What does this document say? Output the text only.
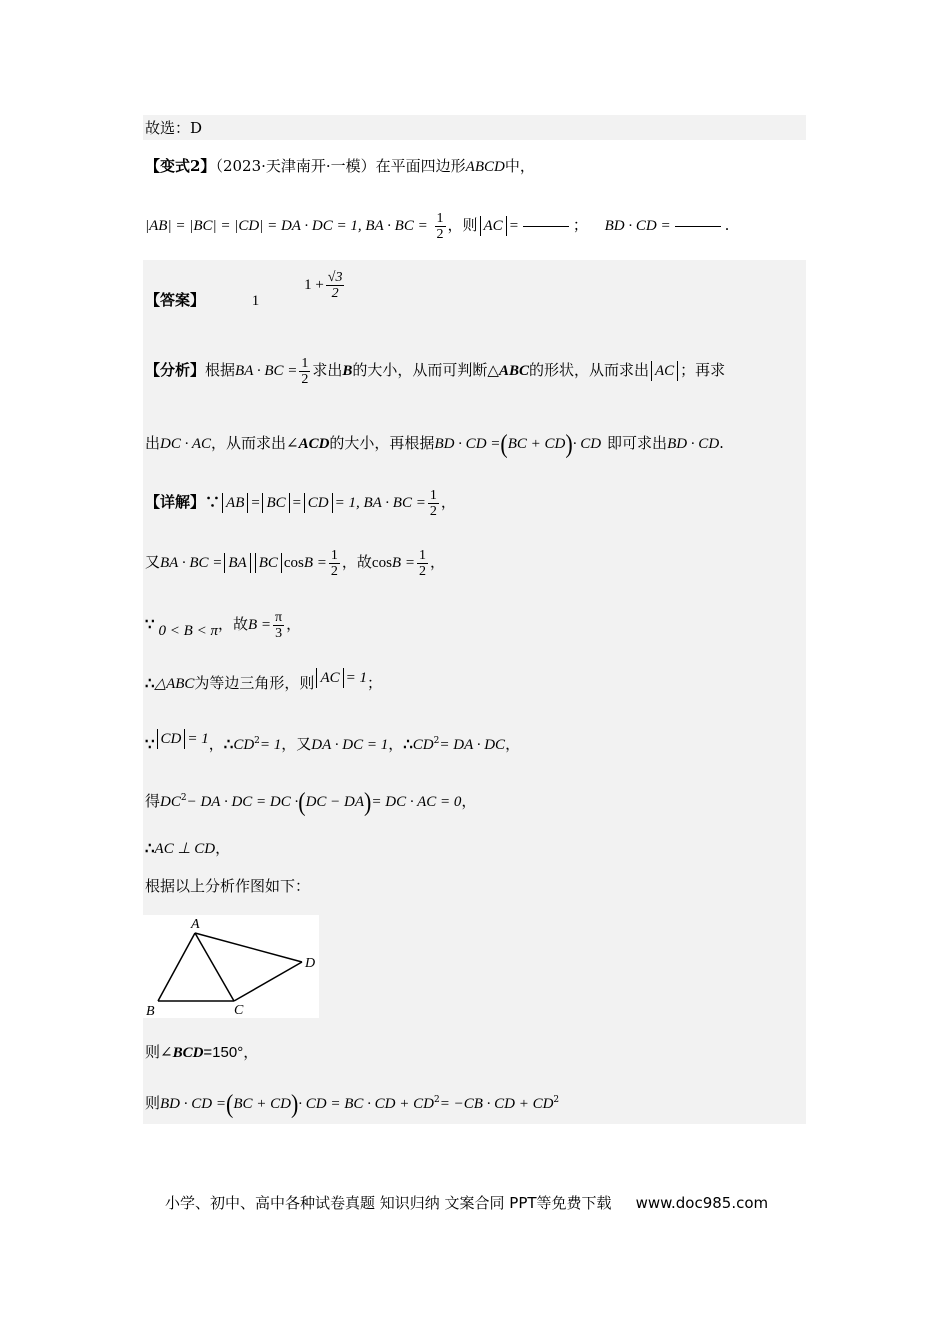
故选：D
【变式2】（2023·天津南开·一模）在平面四边形ABCD中，
|AB| = |BC| = |CD| = DA · DC = 1, BA · BC = $\frac{1}{2}$ ，则 AC =	； BD · CD =	.
【答案】	1 $1 + \frac{√3}{2}$
【分析】根据BA · BC = $\frac{1}{2}$ 求出B的大小，从而可判断△ABC的形状，从而求出 AC ；再求
出DC · AC，从而求出∠ACD的大小，再根据BD · CD =(BC + CD)· CD 即可求出BD · CD.
【详解】∵ AB = BC = CD = 1, BA · BC = $\frac{1}{2}$ ，
又BA · BC = BA BC $\cos B = \frac{1}{2}$ ，故$\cos B = \frac{1}{2}$ ，
∵ 0 < B < π，故$B = \frac{\pi}{3}$ ，
∴△ABC为等边三角形，则 AC = 1；
∵ CD = 1，$\therefore CD^2= 1$，又DA · DC = 1，$\therefore CD^2=$ DA · DC，
得$DC^2-$ DA · DC = DC ·(DC − DA)= DC · AC = 0，
∴AC ⊥ CD，
根据以上分析作图如下：
A
B	C
D
则∠BCD=150°，
则BD · CD =(BC + CD)· CD = BC · CD + $CD^2= -CB$ · CD + $CD^2$
小学、初中、高中各种试卷真题 知识归纳 文案合同 PPT等免费下载 www.doc985.com
